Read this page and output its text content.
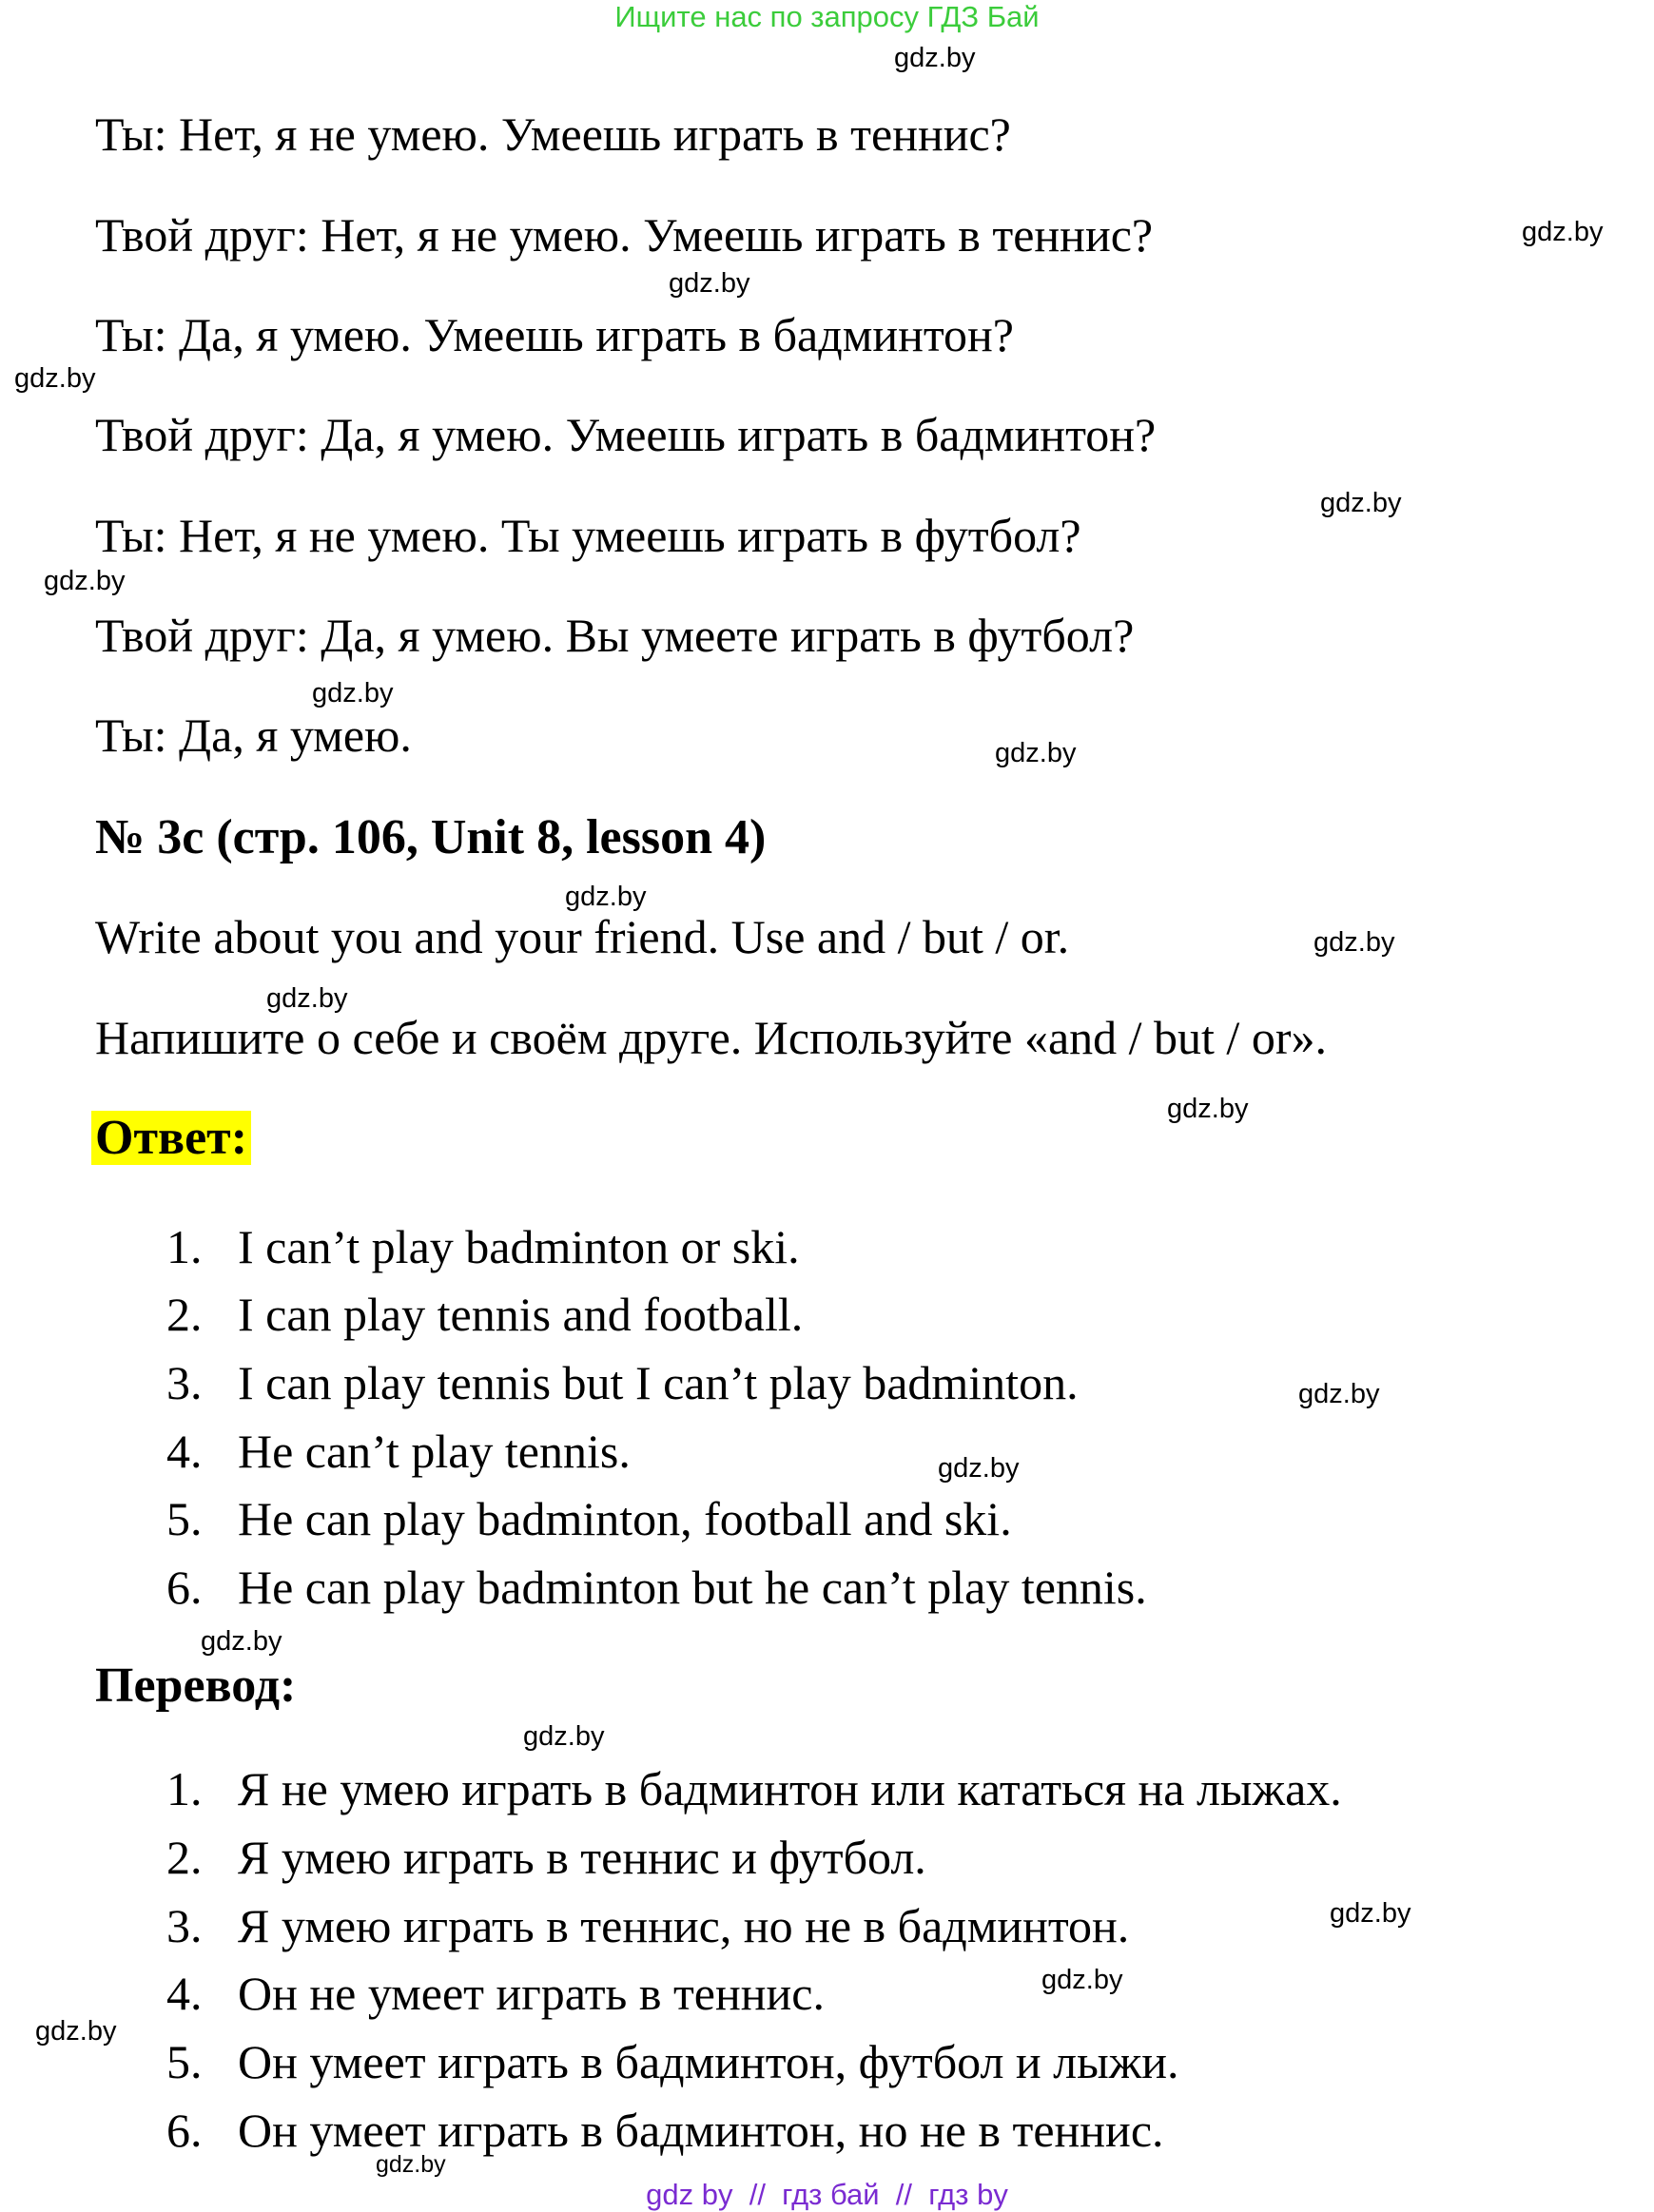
Ищите нас по запросу ГДЗ Бай
gdz.by
gdz.by
gdz.by
gdz.by
gdz.by
gdz.by
gdz.by
gdz.by
gdz.by
gdz.by
gdz.by
gdz.by
gdz.by
gdz.by
gdz.by
gdz.by
gdz.by
gdz.by
gdz.by
gdz.by
Ты: Нет, я не умею. Умеешь играть в теннис?
Твой друг: Нет, я не умею. Умеешь играть в теннис?
Ты: Да, я умею. Умеешь играть в бадминтон?
Твой друг: Да, я умею. Умеешь играть в бадминтон?
Ты: Нет, я не умею. Ты умеешь играть в футбол?
Твой друг: Да, я умею. Вы умеете играть в футбол?
Ты: Да, я умею.
№ 3c (стр. 106, Unit 8, lesson 4)
Write about you and your friend. Use and / but / or.
Напишите о себе и своём друге. Используйте «and / but / or».
Ответ:
1. I can’t play badminton or ski.
2. I can play tennis and football.
3. I can play tennis but I can’t play badminton.
4. He can’t play tennis.
5. He can play badminton, football and ski.
6. He can play badminton but he can’t play tennis.
Перевод:
1. Я не умею играть в бадминтон или кататься на лыжах.
2. Я умею играть в теннис и футбол.
3. Я умею играть в теннис, но не в бадминтон.
4. Он не умеет играть в теннис.
5. Он умеет играть в бадминтон, футбол и лыжи.
6. Он умеет играть в бадминтон, но не в теннис.
gdz by  //  гдз бай  //  гдз by
